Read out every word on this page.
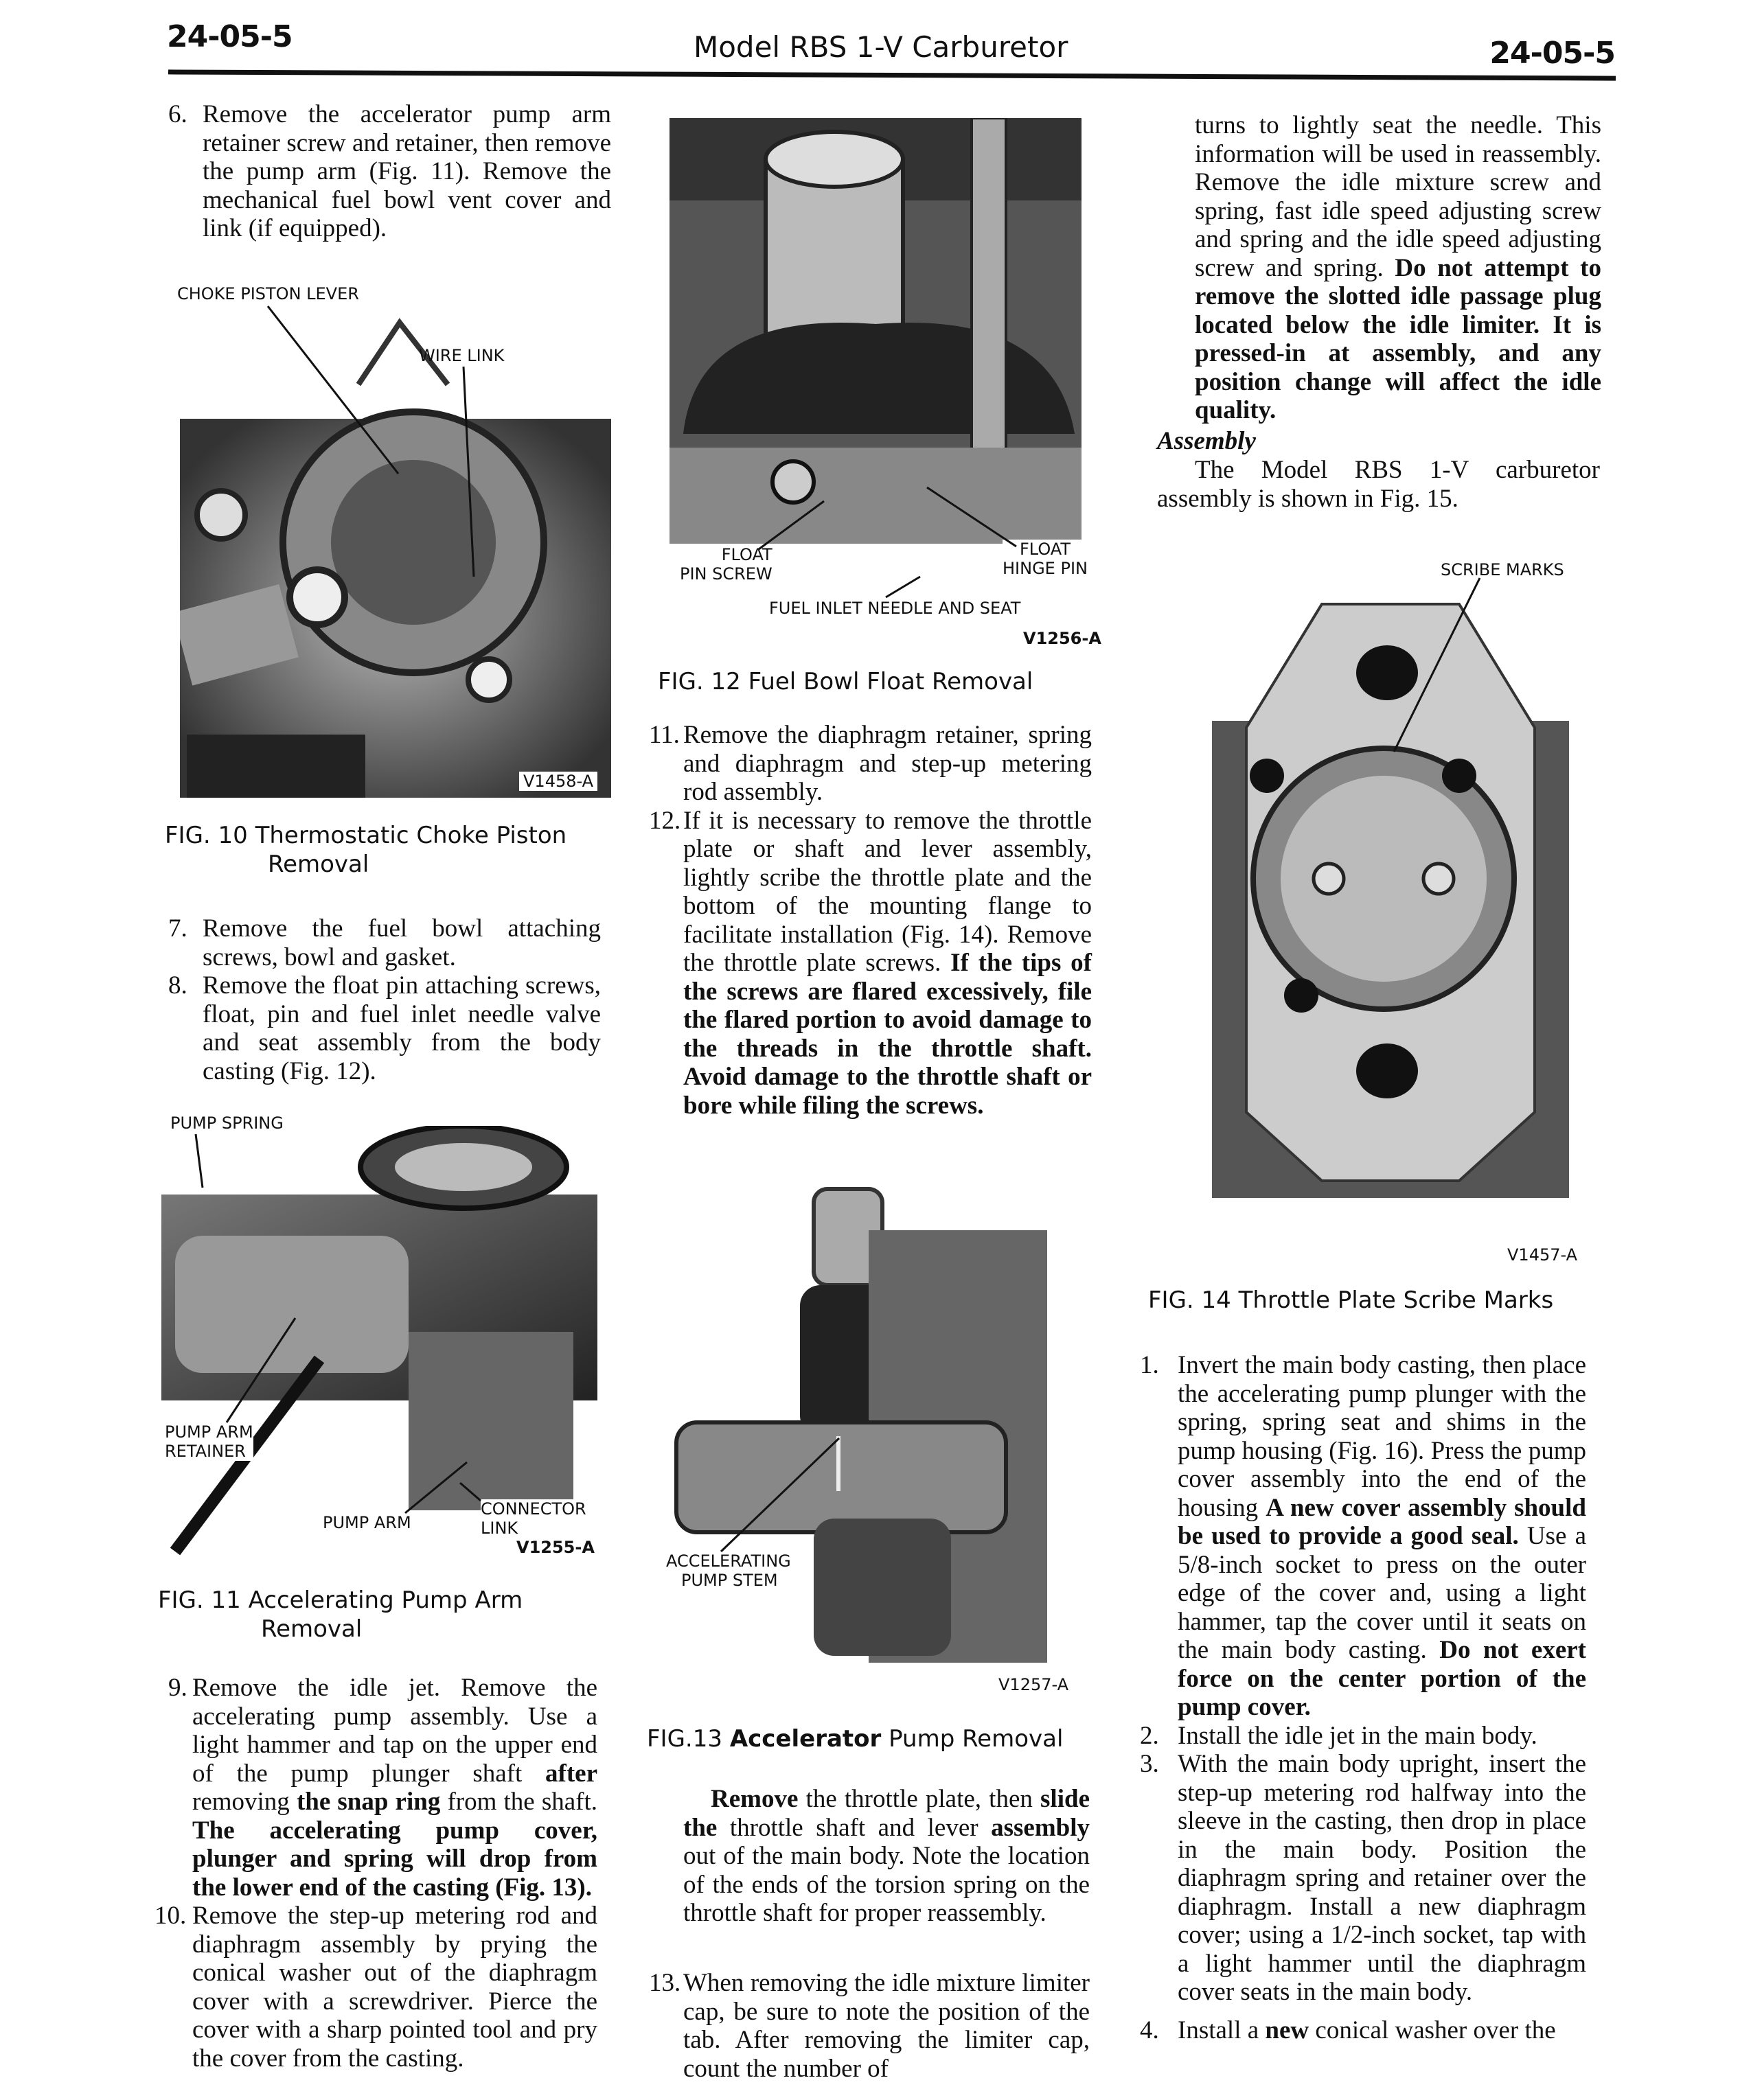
24-05-5	Model RBS 1-V Carburetor	24-05-5
6. Remove the accelerator pump arm retainer screw and retainer, then remove the pump arm (Fig. 11). Remove the mechanical fuel bowl vent cover and link (if equipped).
CHOKE PISTON LEVER
WIRE LINK
V1458-A
FIG. 10 Thermostatic Choke Piston
Removal
7. Remove the fuel bowl attaching screws, bowl and gasket.
8. Remove the float pin attaching screws, float, pin and fuel inlet needle valve and seat assembly from the body casting (Fig. 12).
PUMP SPRING
PUMP ARM
RETAINER
PUMP ARM
CONNECTOR
LINK
V1255-A
FIG. 11 Accelerating Pump Arm
Removal
9. Remove the idle jet. Remove the accelerating pump assembly. Use a light hammer and tap on the upper end of the pump plunger shaft after removing the snap ring from the shaft. The accelerating pump cover, plunger and spring will drop from the lower end of the casting (Fig. 13).
10. Remove the step-up metering rod and diaphragm assembly by prying the conical washer out of the diaphragm cover with a screwdriver. Pierce the cover with a sharp pointed tool and pry the cover from the casting.
FLOAT
PIN SCREW
FLOAT
HINGE PIN
FUEL INLET NEEDLE AND SEAT
V1256-A
FIG. 12 Fuel Bowl Float Removal
11. Remove the diaphragm retainer, spring and diaphragm and step-up metering rod assembly.
12. If it is necessary to remove the throttle plate or shaft and lever assembly, lightly scribe the throttle plate and the bottom of the mounting flange to facilitate installation (Fig. 14). Remove the throttle plate screws. If the tips of the screws are flared excessively, file the flared portion to avoid damage to the threads in the throttle shaft. Avoid damage to the throttle shaft or bore while filing the screws.
ACCELERATING
PUMP STEM
V1257-A
FIG.13 Accelerator Pump Removal
Remove the throttle plate, then slide the throttle shaft and lever assembly out of the main body. Note the location of the ends of the torsion spring on the throttle shaft for proper reassembly.
13. When removing the idle mixture limiter cap, be sure to note the position of the tab. After removing the limiter cap, count the number of
turns to lightly seat the needle. This information will be used in reassembly. Remove the idle mixture screw and spring, fast idle speed adjusting screw and spring and the idle speed adjusting screw and spring. Do not attempt to remove the slotted idle passage plug located below the idle limiter. It is pressed-in at assembly, and any position change will affect the idle quality.
Assembly
The Model RBS 1-V carburetor assembly is shown in Fig. 15.
SCRIBE MARKS
V1457-A
FIG. 14 Throttle Plate Scribe Marks
1. Invert the main body casting, then place the accelerating pump plunger with the spring, spring seat and shims in the pump housing (Fig. 16). Press the pump cover assembly into the end of the housing A new cover assembly should be used to provide a good seal. Use a 5/8-inch socket to press on the outer edge of the cover and, using a light hammer, tap the cover until it seats on the main body casting. Do not exert force on the center portion of the pump cover.
2. Install the idle jet in the main body.
3. With the main body upright, insert the step-up metering rod halfway into the sleeve in the casting, then drop in place in the main body. Position the diaphragm spring and retainer over the diaphragm. Install a new diaphragm cover; using a 1/2-inch socket, tap with a light hammer until the diaphragm cover seats in the main body.
4. Install a new conical washer over the
